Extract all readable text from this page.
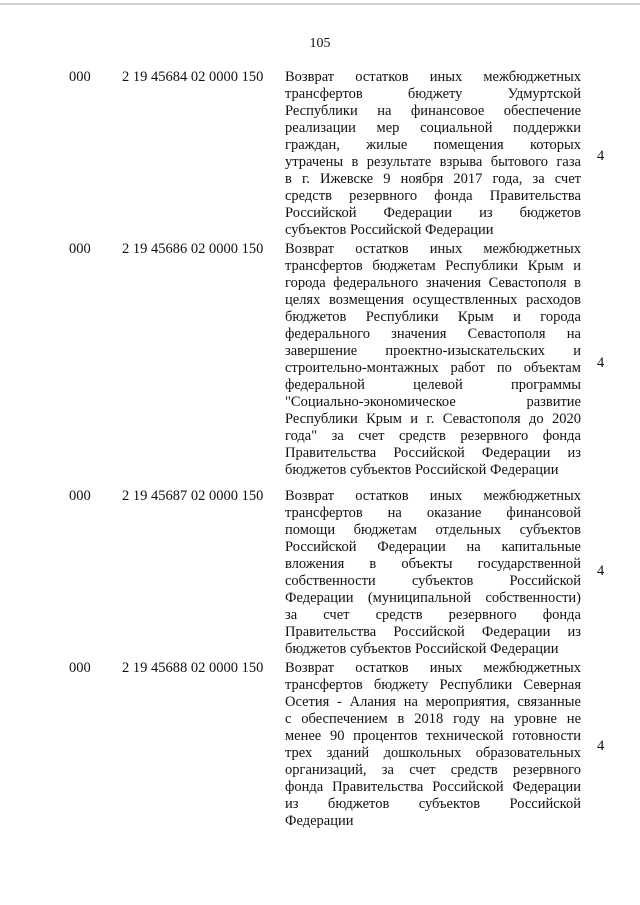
105
000 2 19 45684 02 0000 150 Возврат остатков иных межбюджетных
трансфертов бюджету Удмуртской
Республики на финансовое обеспечение
реализации мер социальной поддержки
граждан, жилые помещения которых
утрачены в результате взрыва бытового газа
в г. Ижевске 9 ноября 2017 года, за счет
средств резервного фонда Правительства
Российской Федерации из бюджетов
субъектов Российской Федерации
4
000 2 19 45686 02 0000 150 Возврат остатков иных межбюджетных
трансфертов бюджетам Республики Крым и
города федерального значения Севастополя в
целях возмещения осуществленных расходов
бюджетов Республики Крым и города
федерального значения Севастополя на
завершение проектно-изыскательских и
строительно-монтажных работ по объектам
федеральной целевой программы
"Социально-экономическое развитие
Республики Крым и г. Севастополя до 2020
года" за счет средств резервного фонда
Правительства Российской Федерации из
бюджетов субъектов Российской Федерации
4
000 2 19 45687 02 0000 150 Возврат остатков иных межбюджетных
трансфертов на оказание финансовой
помощи бюджетам отдельных субъектов
Российской Федерации на капитальные
вложения в объекты государственной
собственности субъектов Российской
Федерации (муниципальной собственности)
за счет средств резервного фонда
Правительства Российской Федерации из
бюджетов субъектов Российской Федерации
4
000 2 19 45688 02 0000 150 Возврат остатков иных межбюджетных
трансфертов бюджету Республики Северная
Осетия - Алания на мероприятия, связанные
с обеспечением в 2018 году на уровне не
менее 90 процентов технической готовности
трех зданий дошкольных образовательных
организаций, за счет средств резервного
фонда Правительства Российской Федерации
из бюджетов субъектов Российской
Федерации
4
